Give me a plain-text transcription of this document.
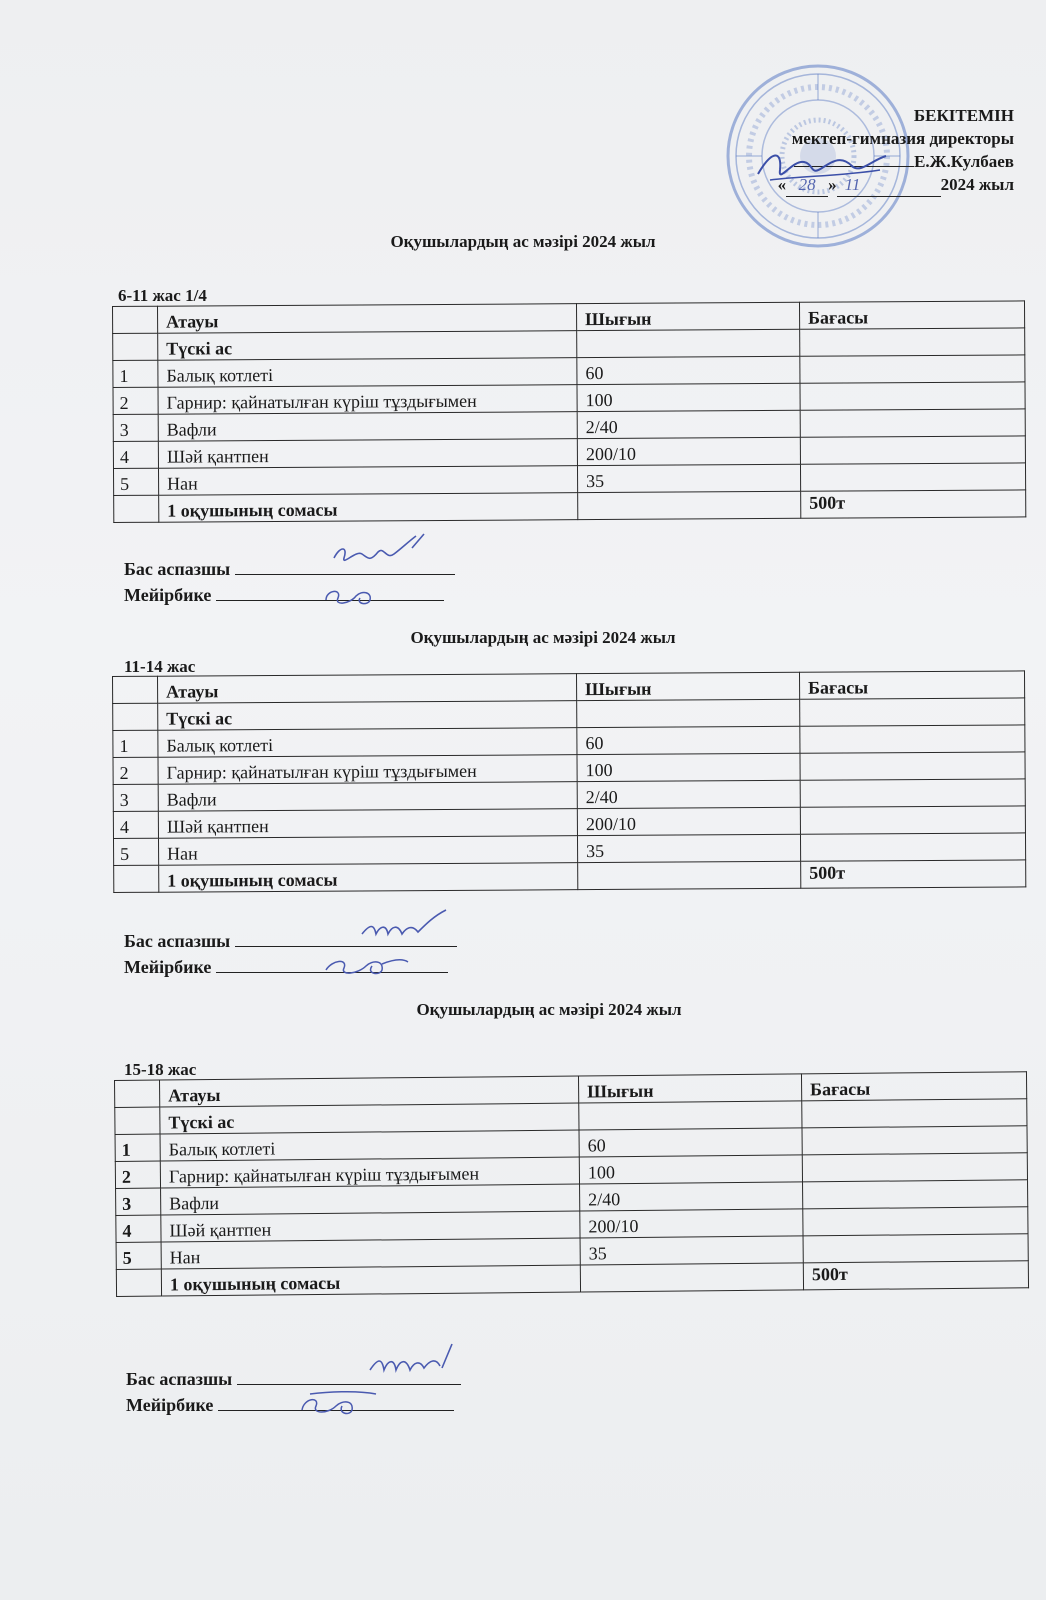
БЕКІТЕМІН
мектеп-гимназия директоры
Е.Ж.Кулбаев
« 28 » 11	2024 жыл
Оқушылардың ас мәзірі 2024 жыл
6-11 жас 1/4
	Атауы	Шығын	Бағасы
	Түскі ас		
1	Балық котлеті	60	
2	Гарнир: қайнатылған күріш тұздығымен	100	
3	Вафли	2/40	
4	Шәй қантпен	200/10	
5	Нан	35	
	1 оқушының сомасы		500т
Бас аспазшы
Мейірбике
Оқушылардың ас мәзірі 2024 жыл
11-14 жас
	Атауы	Шығын	Бағасы
	Түскі ас		
1	Балық котлеті	60	
2	Гарнир: қайнатылған күріш тұздығымен	100	
3	Вафли	2/40	
4	Шәй қантпен	200/10	
5	Нан	35	
	1 оқушының сомасы		500т
Бас аспазшы
Мейірбике
Оқушылардың ас мәзірі 2024 жыл
15-18 жас
	Атауы	Шығын	Бағасы
	Түскі ас		
1	Балық котлеті	60	
2	Гарнир: қайнатылған күріш тұздығымен	100	
3	Вафли	2/40	
4	Шәй қантпен	200/10	
5	Нан	35	
	1 оқушының сомасы		500т
Бас аспазшы
Мейірбике
